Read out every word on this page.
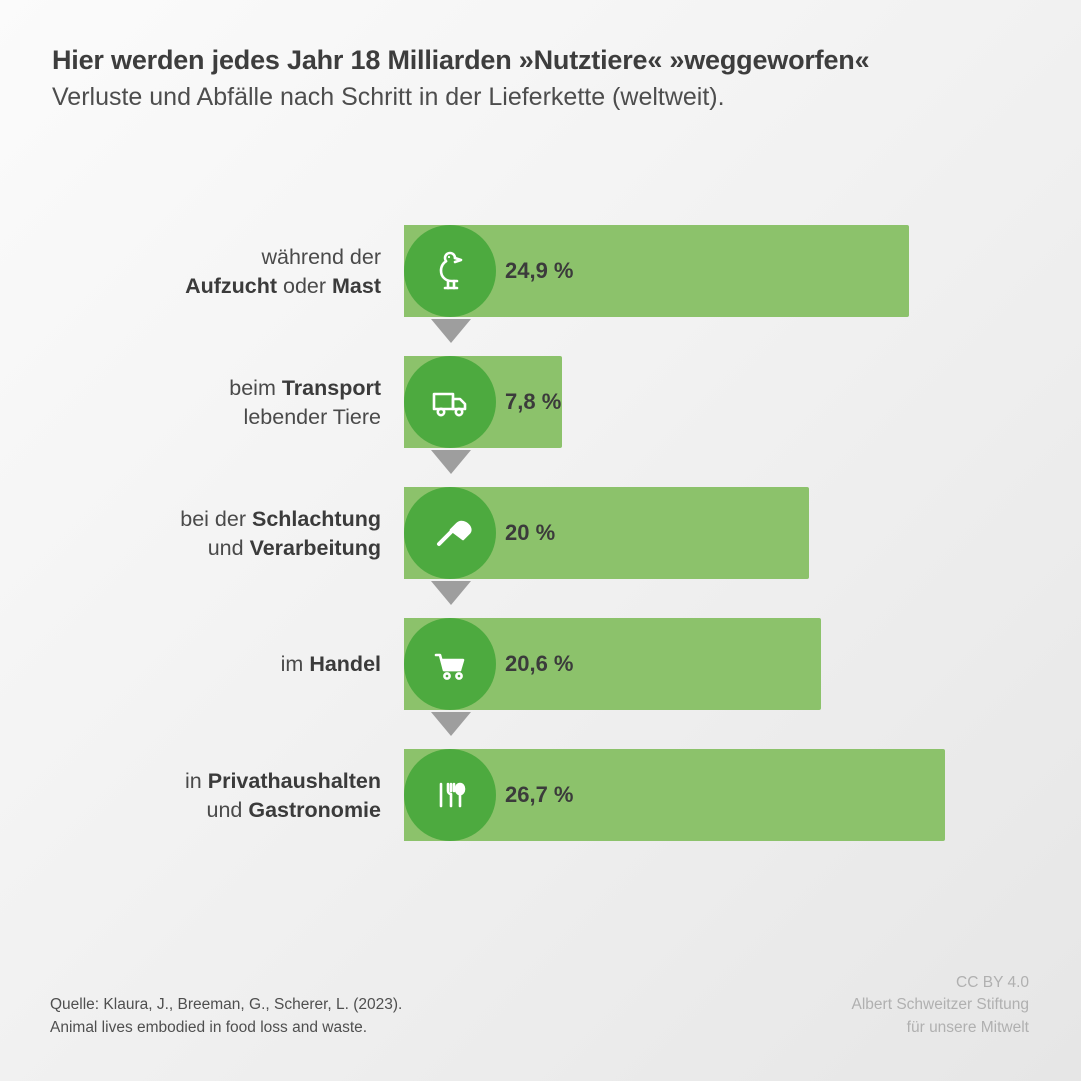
Hier werden jedes Jahr 18 Milliarden »Nutztiere« »weggeworfen«
Verluste und Abfälle nach Schritt in der Lieferkette (weltweit).
während der
Aufzucht oder Mast
24,9 %
beim Transport
lebender Tiere
7,8 %
bei der Schlachtung
und Verarbeitung
20 %
im Handel	20,6 %
in Privathaushalten
und Gastronomie
26,7 %
Quelle: Klaura, J., Breeman, G., Scherer, L. (2023).
Animal lives embodied in food loss and waste.
CC BY 4.0
Albert Schweitzer Stiftung
für unsere Mitwelt
